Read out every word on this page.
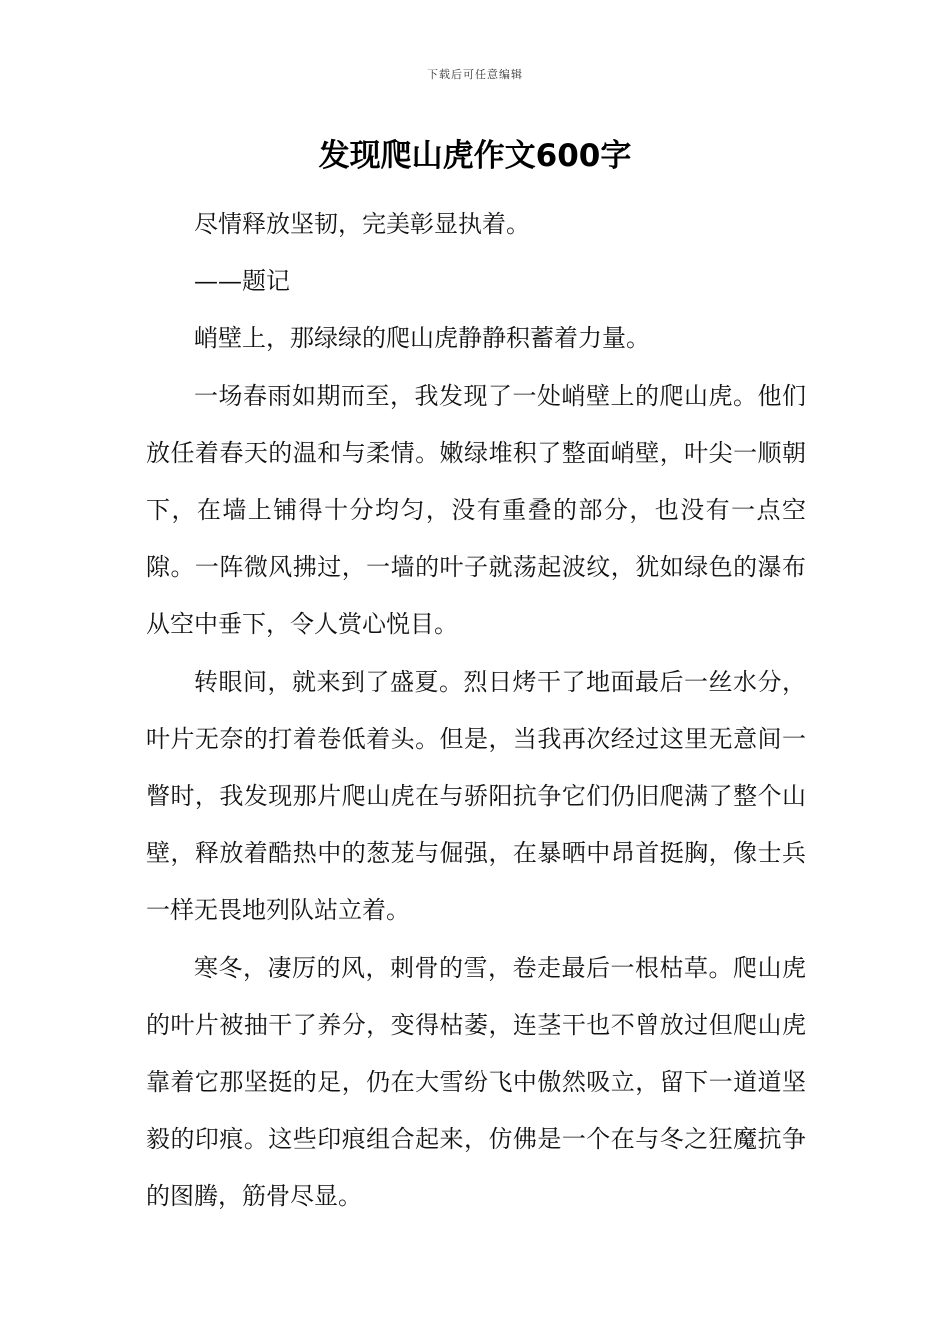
下载后可任意编辑
发现爬山虎作文600字

尽情释放坚韧，完美彰显执着。

——题记

峭壁上，那绿绿的爬山虎静静积蓄着力量。

一场春雨如期而至，我发现了一处峭壁上的爬山虎。他们放任着春天的温和与柔情。嫩绿堆积了整面峭壁，叶尖一顺朝下，在墙上铺得十分均匀，没有重叠的部分，也没有一点空隙。一阵微风拂过，一墙的叶子就荡起波纹，犹如绿色的瀑布从空中垂下，令人赏心悦目。

转眼间，就来到了盛夏。烈日烤干了地面最后一丝水分，叶片无奈的打着卷低着头。但是，当我再次经过这里无意间一瞥时，我发现那片爬山虎在与骄阳抗争它们仍旧爬满了整个山壁，释放着酷热中的葱茏与倔强，在暴晒中昂首挺胸，像士兵一样无畏地列队站立着。

寒冬，凄厉的风，刺骨的雪，卷走最后一根枯草。爬山虎的叶片被抽干了养分，变得枯萎，连茎干也不曾放过但爬山虎靠着它那坚挺的足，仍在大雪纷飞中傲然吸立，留下一道道坚毅的印痕。这些印痕组合起来，仿佛是一个在与冬之狂魔抗争的图腾，筋骨尽显。
